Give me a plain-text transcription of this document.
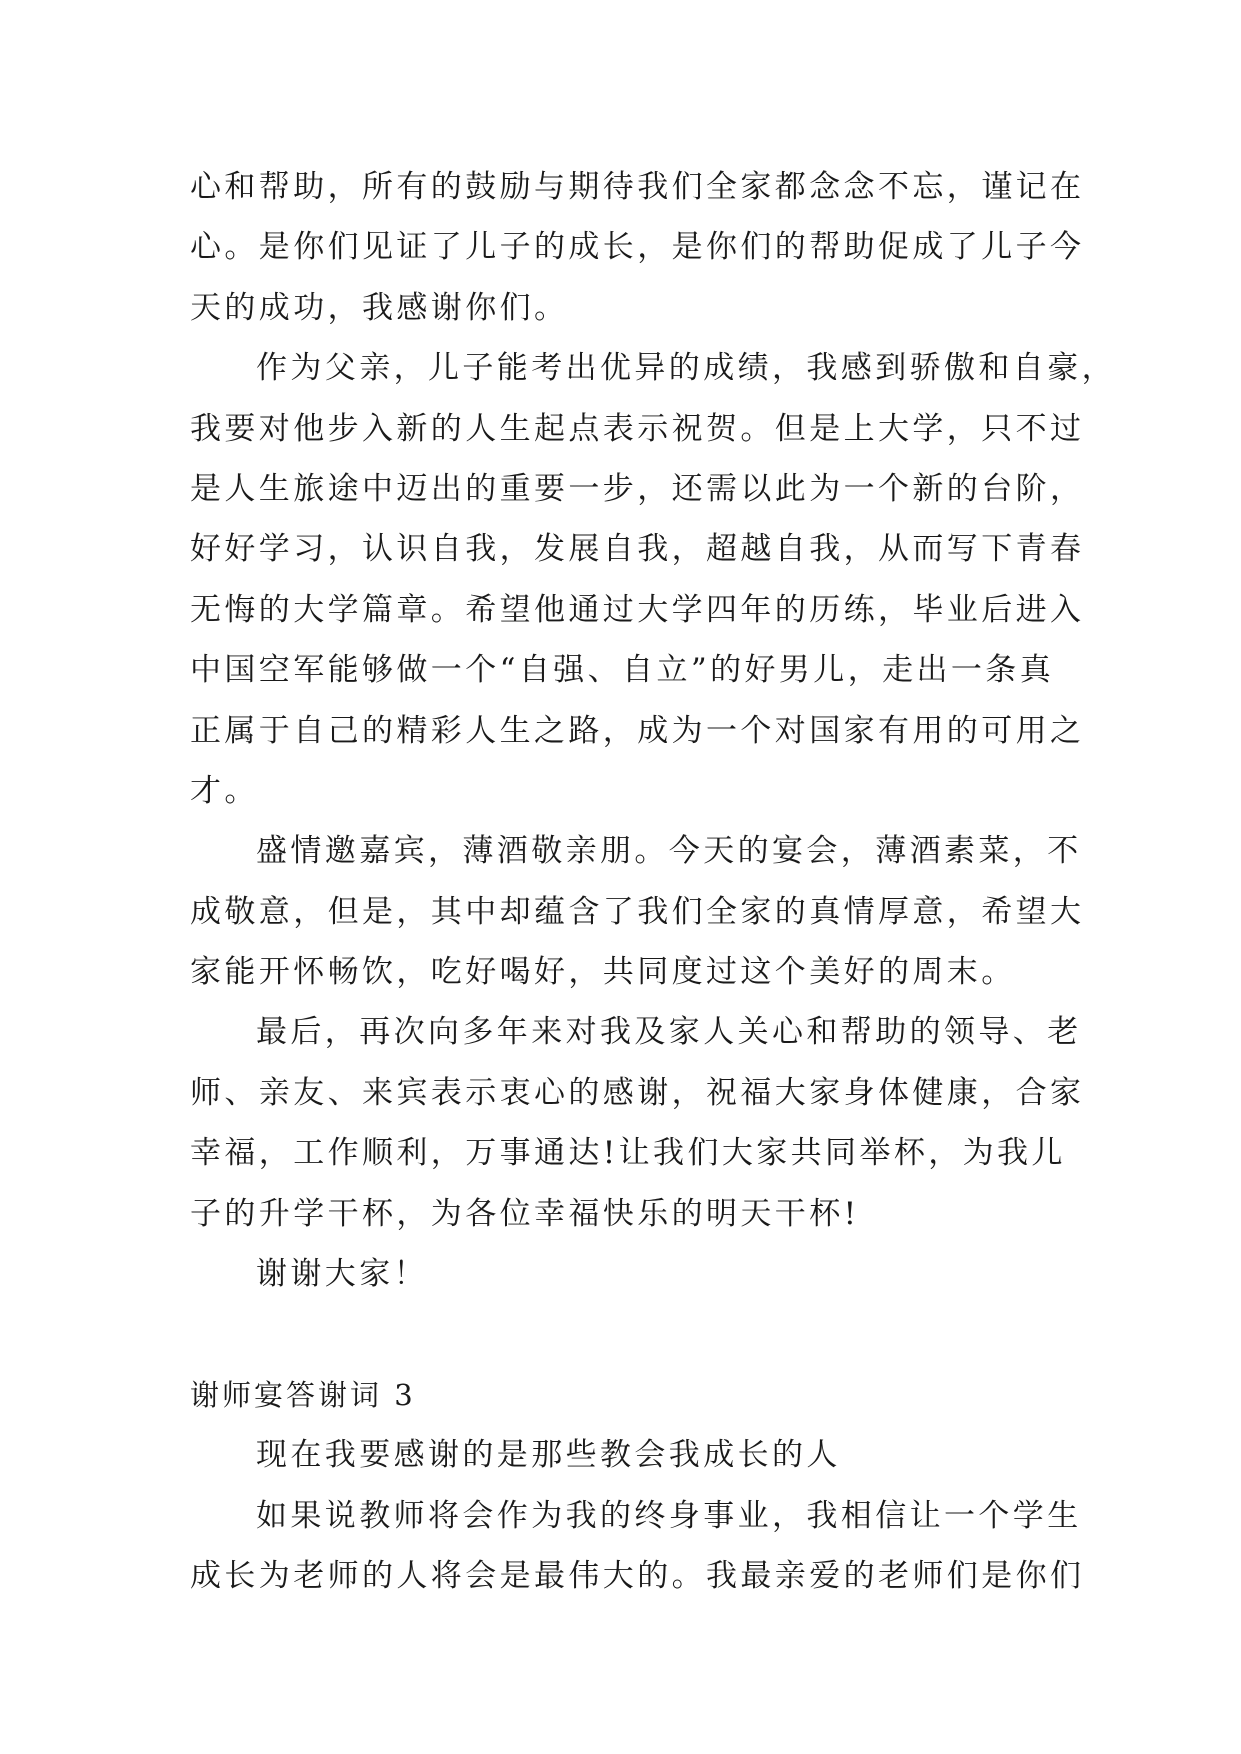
心和帮助，所有的鼓励与期待我们全家都念念不忘，谨记在
心。是你们见证了儿子的成长，是你们的帮助促成了儿子今
天的成功，我感谢你们。
作为父亲，儿子能考出优异的成绩，我感到骄傲和自豪，
我要对他步入新的人生起点表示祝贺。但是上大学，只不过
是人生旅途中迈出的重要一步，还需以此为一个新的台阶，
好好学习，认识自我，发展自我，超越自我，从而写下青春
无悔的大学篇章。希望他通过大学四年的历练，毕业后进入
中国空军能够做一个“自强、自立”的好男儿，走出一条真
正属于自己的精彩人生之路，成为一个对国家有用的可用之
才。
盛情邀嘉宾，薄酒敬亲朋。今天的宴会，薄酒素菜，不
成敬意，但是，其中却蕴含了我们全家的真情厚意，希望大
家能开怀畅饮，吃好喝好，共同度过这个美好的周末。
最后，再次向多年来对我及家人关心和帮助的领导、老
师、亲友、来宾表示衷心的感谢，祝福大家身体健康，合家
幸福，工作顺利，万事通达!让我们大家共同举杯，为我儿
子的升学干杯，为各位幸福快乐的明天干杯!
谢谢大家！
谢师宴答谢词 3
现在我要感谢的是那些教会我成长的人
如果说教师将会作为我的终身事业，我相信让一个学生
成长为老师的人将会是最伟大的。我最亲爱的老师们是你们
